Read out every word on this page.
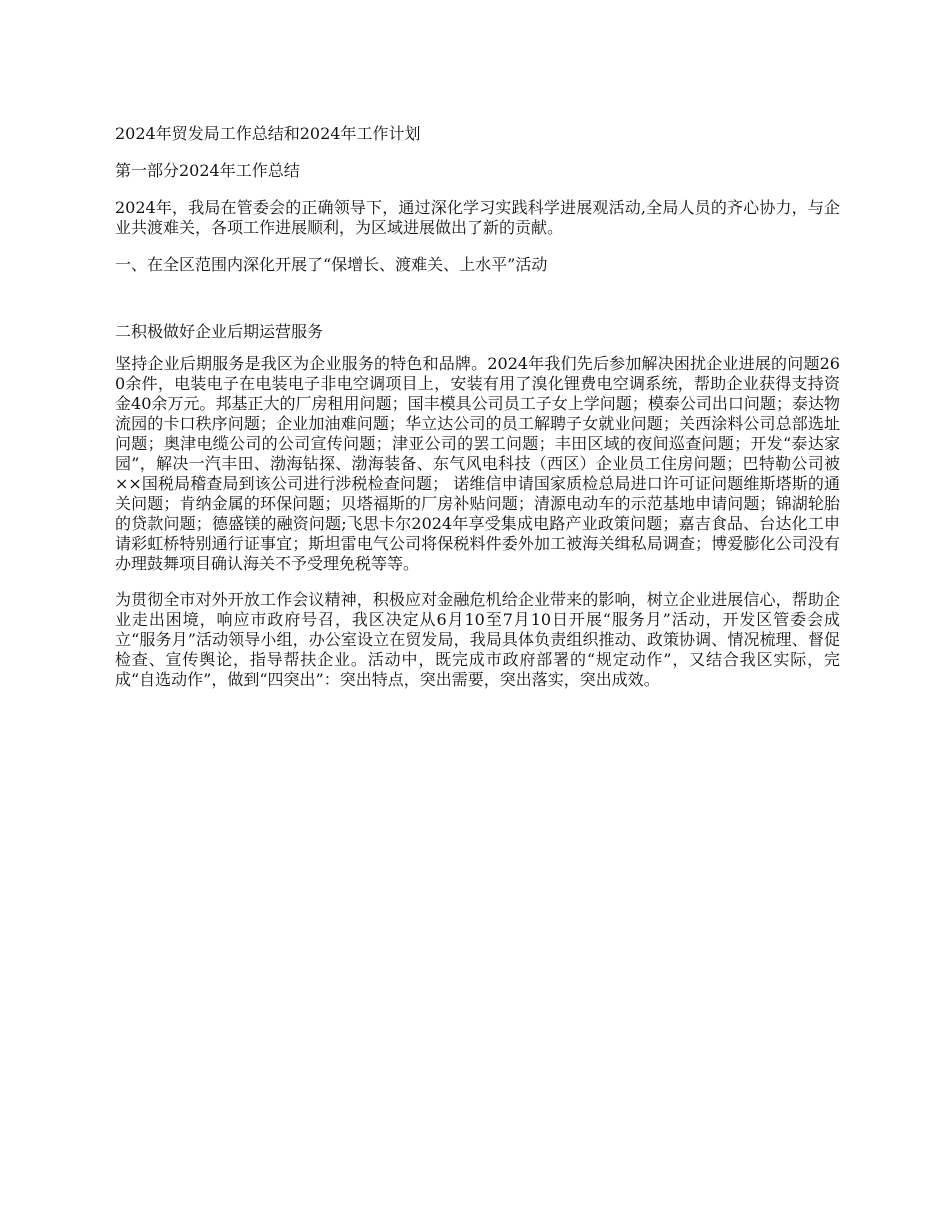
2024年贸发局工作总结和2024年工作计划

第一部分2024年工作总结

2024年，我局在管委会的正确领导下，通过深化学习实践科学进展观活动,全局人员的齐心协力，与企业共渡难关，各项工作进展顺利，为区域进展做出了新的贡献。

一、在全区范围内深化开展了“保增长、渡难关、上水平”活动

二积极做好企业后期运营服务

坚持企业后期服务是我区为企业服务的特色和品牌。2024年我们先后参加解决困扰企业进展的问题260余件，电装电子在电装电子非电空调项目上，安装有用了溴化锂费电空调系统，帮助企业获得支持资金40余万元。邦基正大的厂房租用问题；国丰模具公司员工子女上学问题；模泰公司出口问题；泰达物流园的卡口秩序问题；企业加油难问题；华立达公司的员工解聘子女就业问题；关西涂料公司总部选址问题；奥津电缆公司的公司宣传问题；津亚公司的罢工问题；丰田区域的夜间巡查问题；开发“泰达家园”，解决一汽丰田、渤海钻探、渤海装备、东气风电科技（西区）企业员工住房问题；巴特勒公司被××国税局稽查局到该公司进行涉税检查问题； 诺维信申请国家质检总局进口许可证问题维斯塔斯的通关问题；肯纳金属的环保问题；贝塔福斯的厂房补贴问题；清源电动车的示范基地申请问题；锦湖轮胎的贷款问题；德盛镁的融资问题;飞思卡尔2024年享受集成电路产业政策问题；嘉吉食品、台达化工申请彩虹桥特别通行证事宜；斯坦雷电气公司将保税料件委外加工被海关缉私局调查；博爱膨化公司没有办理鼓舞项目确认海关不予受理免税等等。

为贯彻全市对外开放工作会议精神，积极应对金融危机给企业带来的影响，树立企业进展信心，帮助企业走出困境，响应市政府号召，我区决定从6月10至7月10日开展“服务月”活动，开发区管委会成立“服务月”活动领导小组，办公室设立在贸发局，我局具体负责组织推动、政策协调、情况梳理、督促检查、宣传舆论，指导帮扶企业。活动中，既完成市政府部署的“规定动作”，又结合我区实际，完成“自选动作”，做到“四突出”：突出特点，突出需要，突出落实，突出成效。
